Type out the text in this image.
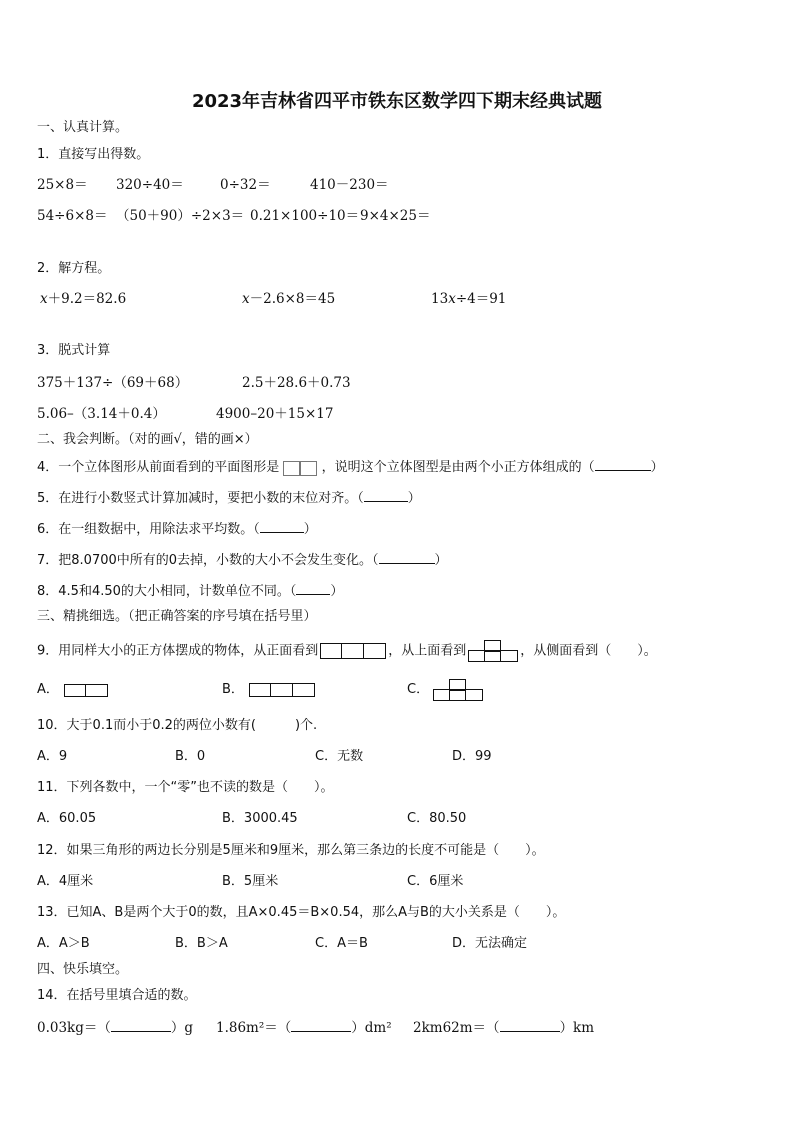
2023年吉林省四平市铁东区数学四下期末经典试题
一、认真计算。
1．直接写出得数。
25×8＝ 320÷40＝	0÷32＝	410－230＝
54÷6×8＝ （50＋90）÷2×3＝ 0.21×100÷10＝ 9×4×25＝
2．解方程。
x＋9.2＝82.6	x－2.6×8＝45	13x÷4＝91
3．脱式计算
375＋137÷（69＋68）	2.5＋28.6＋0.73
5.06–（3.14＋0.4）	4900–20＋15×17
二、我会判断。（对的画√，错的画×）
4．一个立体图形从前面看到的平面图形是	，说明这个立体图型是由两个小正方体组成的（	）
5．在进行小数竖式计算加减时，要把小数的末位对齐。（	）
6．在一组数据中，用除法求平均数。（	）
7．把8.0700中所有的0去掉，小数的大小不会发生变化。（	）
8．4.5和4.50的大小相同，计数单位不同。（	）
三、精挑细选。（把正确答案的序号填在括号里）
9．用同样大小的正方体摆成的物体，从正面看到	，从上面看到	，从侧面看到（　　）。
A．	B．	C．
10．大于0.1而小于0.2的两位小数有(　　　)个.
A．9	B．0	C．无数	D．99
11．下列各数中，一个“零”也不读的数是（　　）。
A．60.05	B．3000.45	C．80.50
12．如果三角形的两边长分别是5厘米和9厘米，那么第三条边的长度不可能是（　　）。
A．4厘米	B．5厘米	C．6厘米
13．已知A、B是两个大于0的数，且A×0.45＝B×0.54，那么A与B的大小关系是（　　）。
A．A＞B	B．B＞A	C．A＝B	D．无法确定
四、快乐填空。
14．在括号里填合适的数。
0.03kg＝（	）g 1.86m²＝（	）dm² 2km62m＝（	）km
